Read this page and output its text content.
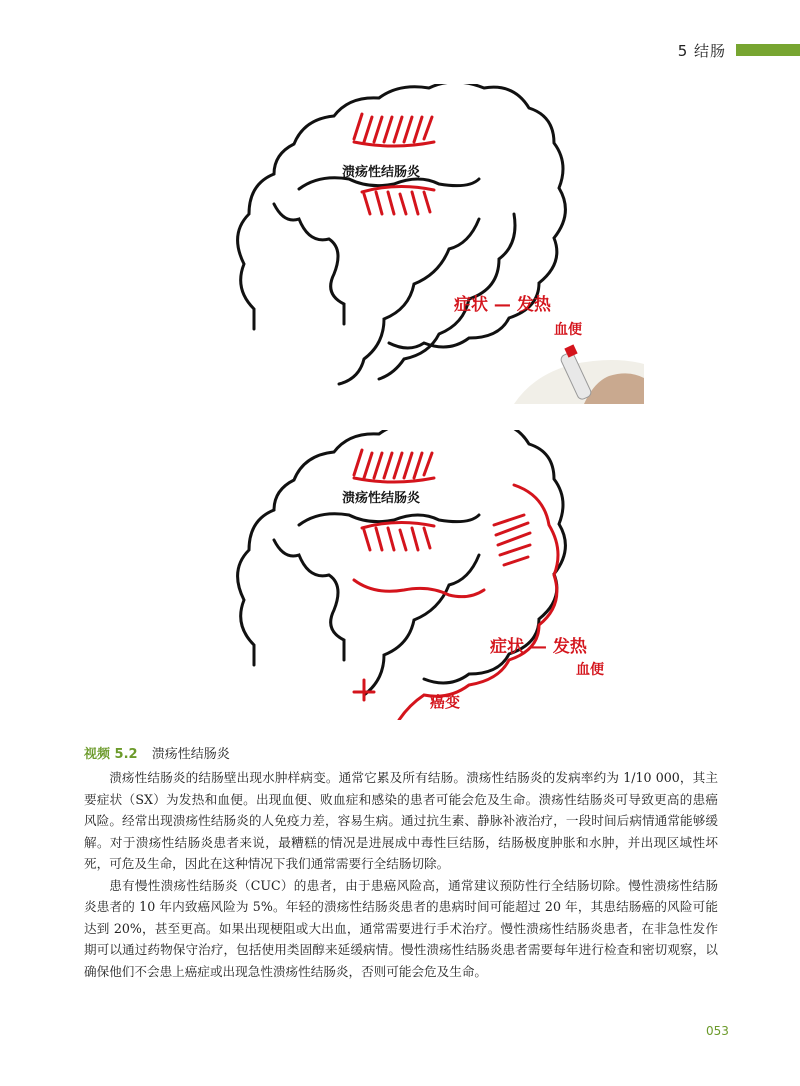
5 结肠
溃疡性结肠炎
症状 — 发热
血便
溃疡性结肠炎
症状 — 发热
血便
癌变
视频 5.2 溃疡性结肠炎

溃疡性结肠炎的结肠壁出现水肿样病变。通常它累及所有结肠。溃疡性结肠炎的发病率约为 1/10 000，其主要症状（SX）为发热和血便。出现血便、败血症和感染的患者可能会危及生命。溃疡性结肠炎可导致更高的患癌风险。经常出现溃疡性结肠炎的人免疫力差，容易生病。通过抗生素、静脉补液治疗，一段时间后病情通常能够缓解。对于溃疡性结肠炎患者来说，最糟糕的情况是进展成中毒性巨结肠，结肠极度肿胀和水肿，并出现区域性坏死，可危及生命，因此在这种情况下我们通常需要行全结肠切除。

患有慢性溃疡性结肠炎（CUC）的患者，由于患癌风险高，通常建议预防性行全结肠切除。慢性溃疡性结肠炎患者的 10 年内致癌风险为 5%。年轻的溃疡性结肠炎患者的患病时间可能超过 20 年，其患结肠癌的风险可能达到 20%，甚至更高。如果出现梗阻或大出血，通常需要进行手术治疗。慢性溃疡性结肠炎患者，在非急性发作期可以通过药物保守治疗，包括使用类固醇来延缓病情。慢性溃疡性结肠炎患者需要每年进行检查和密切观察，以确保他们不会患上癌症或出现急性溃疡性结肠炎，否则可能会危及生命。

053
